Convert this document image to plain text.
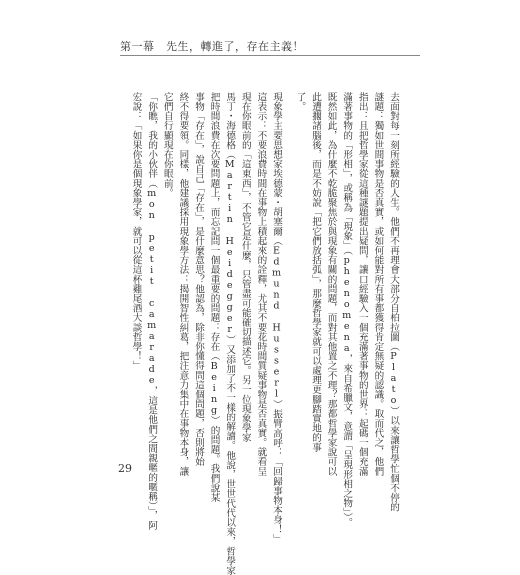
第一幕　先生，轉進了，存在主義！
去面對每一刻所經驗的人生。他們不再理會大部分自柏拉圖（Plato）以來讓哲學忙個不停的
謎題：獨如世間事物是否真實，或如何能對所有事都獲得肯定無疑的認識。取而代之，他們
指出：且把哲學家從這種謎題提出疑問，讓口經驗入一個充滿著事物的世界：起碼一個充滿
滿著事物的「形相」，或稱為「現象」（phenomena，來自希臘文，意謂「呈現形相之物」）。
既然如此，為什麼不乾脆聚焦於與現象有關的問題，而對其他置之不理？那都哲學家說可以
此遭擱諸腦後，而是不妨說「把它們放括弧」，那麼哲學家就可以處理更腳踏實地的事
了。
現象學主要思想家埃德蒙・胡塞爾（Edmund Husserl）振臂高呼：「回歸事物本身！」
這表示：不要浪費時間在事物上積起來的詮釋，尤其不要花時間質疑事物是否真實。就看呈
現在你眼前的「這東西」，不管它是什麼，只管盡可能確切描述它。另一位現象學家
馬丁・海德格（Martin Heidegger）又添加了不一樣的解讀。他說，世世代代以來，哲學家
把時間浪費在次要問題上，而忘記問一個最重要的問題：存在（Being）的問題。我們說某
事物「存在」，說自己「存在」，是什麼意思？他認為，除非你懂得問這個問題，否則將始
終不得要領。同樣，他建議採用現象學方法：揭開智性糾葛，把注意力集中在事物本身，讓
它們自行顯現在你眼前。
「你瞧，我的小伙伴（mon petit camarade，這是他們之間親暱的暱稱）」，阿
宏說：「如果你是個現象學家，就可以從這杯雞尾酒大談哲學！」
29
